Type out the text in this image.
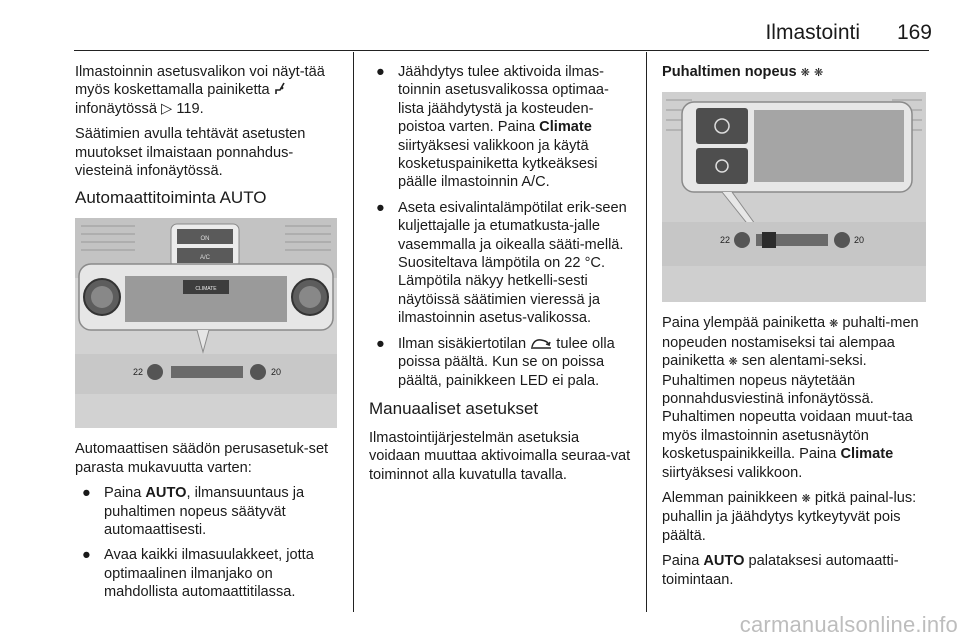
Ilmastointi	169

Ilmastoinnin asetusvalikon voi näyt-tää myös koskettamalla painiketta
infonäytössä ▷ 119.

Säätimien avulla tehtävät asetusten muutokset ilmaistaan ponnahdus-viesteinä infonäytössä.

Automaattitoiminta AUTO
ON
A/C
CLIMATE
22	20

Automaattisen säädön perusasetuk-set parasta mukavuutta varten:

● Paina AUTO, ilmansuuntaus ja puhaltimen nopeus säätyvät automaattisesti.
● Avaa kaikki ilmasuulakkeet, jotta optimaalinen ilmanjako on mahdollista automaattitilassa.
● Jäähdytys tulee aktivoida ilmas-toinnin asetusvalikossa optimaa-lista jäähdytystä ja kosteuden-poistoa varten. Paina Climate siirtyäksesi valikkoon ja käytä kosketuspainiketta kytkeäksesi päälle ilmastoinnin A/C.
● Aseta esivalintalämpötilat erik-seen kuljettajalle ja etumatkusta-jalle vasemmalla ja oikealla sääti-mellä. Suositeltava lämpötila on 22 °C. Lämpötila näkyy hetkelli-sesti näytöissä säätimien vieressä ja ilmastoinnin asetus-valikossa.
● Ilman sisäkiertotilan tulee olla poissa päältä. Kun se on poissa päältä, painikkeen LED ei pala.
Manuaaliset asetukset

Ilmastointijärjestelmän asetuksia voidaan muuttaa aktivoimalla seuraa-vat toiminnot alla kuvatulla tavalla.

Puhaltimen nopeus ❋ ❋

22	20

Paina ylempää painiketta ❋ puhalti-men nopeuden nostamiseksi tai alempaa painiketta ❋ sen alentami-seksi. Puhaltimen nopeus näytetään ponnahdusviestinä infonäytössä. Puhaltimen nopeutta voidaan muut-taa myös ilmastoinnin asetusnäytön kosketuspainikkeilla. Paina Climate siirtyäksesi valikkoon.

Alemman painikkeen ❋ pitkä painal-lus: puhallin ja jäähdytys kytkeytyvät pois päältä.

Paina AUTO palataksesi automaatti-toimintaan.

carmanualsonline.info
